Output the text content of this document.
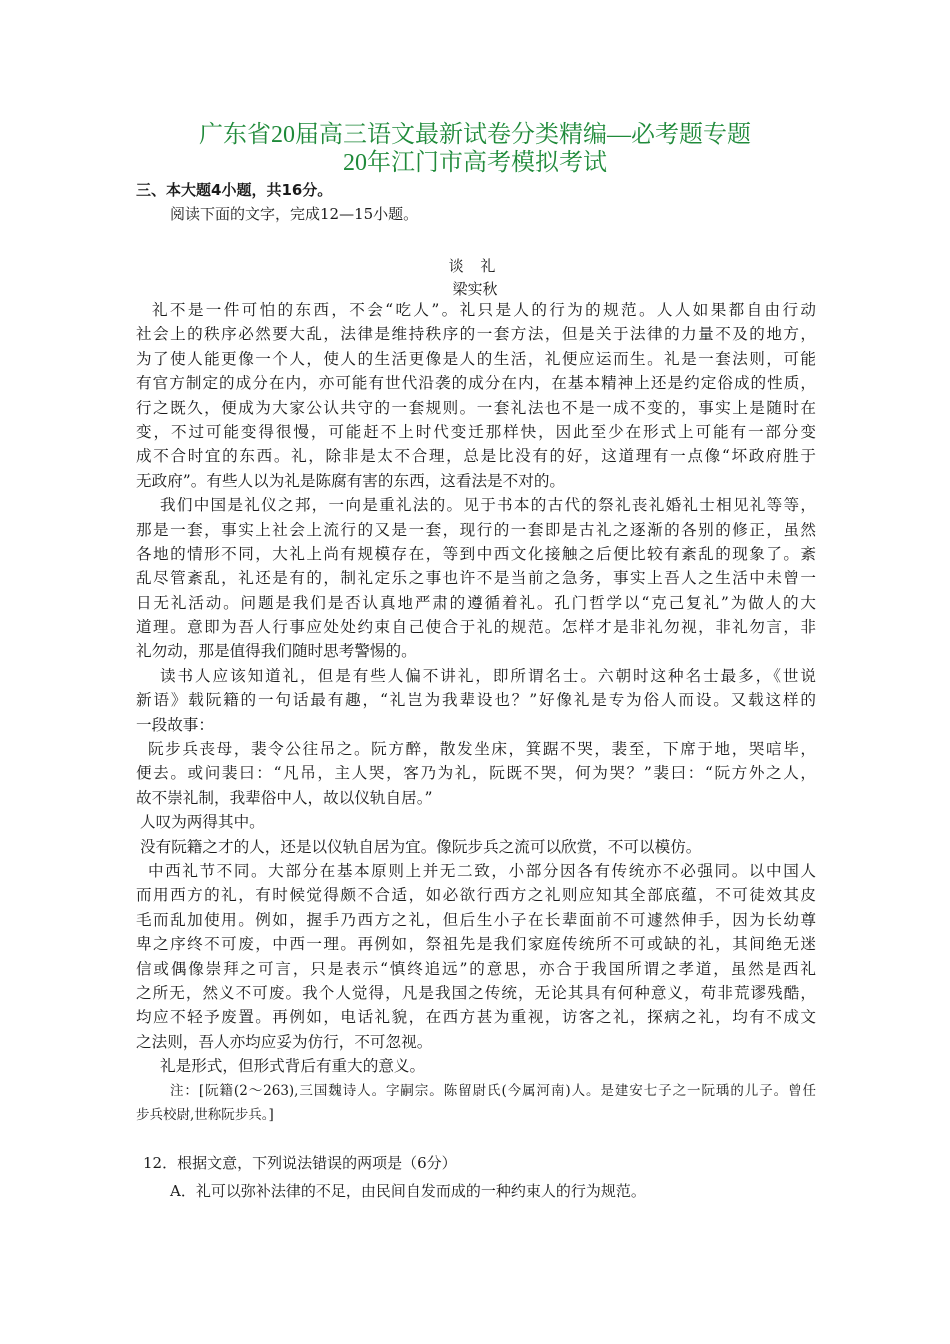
广东省20届高三语文最新试卷分类精编—必考题专题
20年江门市高考模拟考试
三、本大题4小题，共16分。
阅读下面的文字，完成12—15小题。
谈 礼
梁实秋
礼不是一件可怕的东西，不会“吃人”。礼只是人的行为的规范。人人如果都自由行动
社会上的秩序必然要大乱，法律是维持秩序的一套方法，但是关于法律的力量不及的地方，
为了使人能更像一个人，使人的生活更像是人的生活，礼便应运而生。礼是一套法则，可能
有官方制定的成分在内，亦可能有世代沿袭的成分在内，在基本精神上还是约定俗成的性质，
行之既久，便成为大家公认共守的一套规则。一套礼法也不是一成不变的，事实上是随时在
变，不过可能变得很慢，可能赶不上时代变迁那样快，因此至少在形式上可能有一部分变
成不合时宜的东西。礼，除非是太不合理，总是比没有的好，这道理有一点像“坏政府胜于
无政府”。有些人以为礼是陈腐有害的东西，这看法是不对的。
我们中国是礼仪之邦，一向是重礼法的。见于书本的古代的祭礼丧礼婚礼士相见礼等等，
那是一套，事实上社会上流行的又是一套，现行的一套即是古礼之逐渐的各别的修正，虽然
各地的情形不同，大礼上尚有规模存在，等到中西文化接触之后便比较有紊乱的现象了。紊
乱尽管紊乱，礼还是有的，制礼定乐之事也许不是当前之急务，事实上吾人之生活中未曾一
日无礼活动。问题是我们是否认真地严肃的遵循着礼。孔门哲学以“克己复礼”为做人的大
道理。意即为吾人行事应处处约束自己使合于礼的规范。怎样才是非礼勿视，非礼勿言，非
礼勿动，那是值得我们随时思考警惕的。
读书人应该知道礼，但是有些人偏不讲礼，即所谓名士。六朝时这种名士最多，《世说
新语》载阮籍的一句话最有趣，“礼岂为我辈设也？”好像礼是专为俗人而设。又载这样的
一段故事：
阮步兵丧母，裴令公往吊之。阮方醉，散发坐床，箕踞不哭，裴至，下席于地，哭唁毕，
便去。或问裴曰：“凡吊，主人哭，客乃为礼，阮既不哭，何为哭？”裴曰：“阮方外之人，
故不崇礼制，我辈俗中人，故以仪轨自居。”
人叹为两得其中。
没有阮籍之才的人，还是以仪轨自居为宜。像阮步兵之流可以欣赏，不可以模仿。
中西礼节不同。大部分在基本原则上并无二致，小部分因各有传统亦不必强同。以中国人
而用西方的礼，有时候觉得颇不合适，如必欲行西方之礼则应知其全部底蕴，不可徒效其皮
毛而乱加使用。例如，握手乃西方之礼，但后生小子在长辈面前不可遽然伸手，因为长幼尊
卑之序终不可废，中西一理。再例如，祭祖先是我们家庭传统所不可或缺的礼，其间绝无迷
信或偶像崇拜之可言，只是表示“慎终追远”的意思，亦合于我国所谓之孝道，虽然是西礼
之所无，然义不可废。我个人觉得，凡是我国之传统，无论其具有何种意义，苟非荒谬残酷，
均应不轻予废置。再例如，电话礼貌，在西方甚为重视，访客之礼，探病之礼，均有不成文
之法则，吾人亦均应妥为仿行，不可忽视。
礼是形式，但形式背后有重大的意义。
注：[阮籍(2～263),三国魏诗人。字嗣宗。陈留尉氏(今属河南)人。是建安七子之一阮瑀的儿子。曾任
步兵校尉,世称阮步兵。]
12．根据文意，下列说法错误的两项是（6分）
A．礼可以弥补法律的不足，由民间自发而成的一种约束人的行为规范。
